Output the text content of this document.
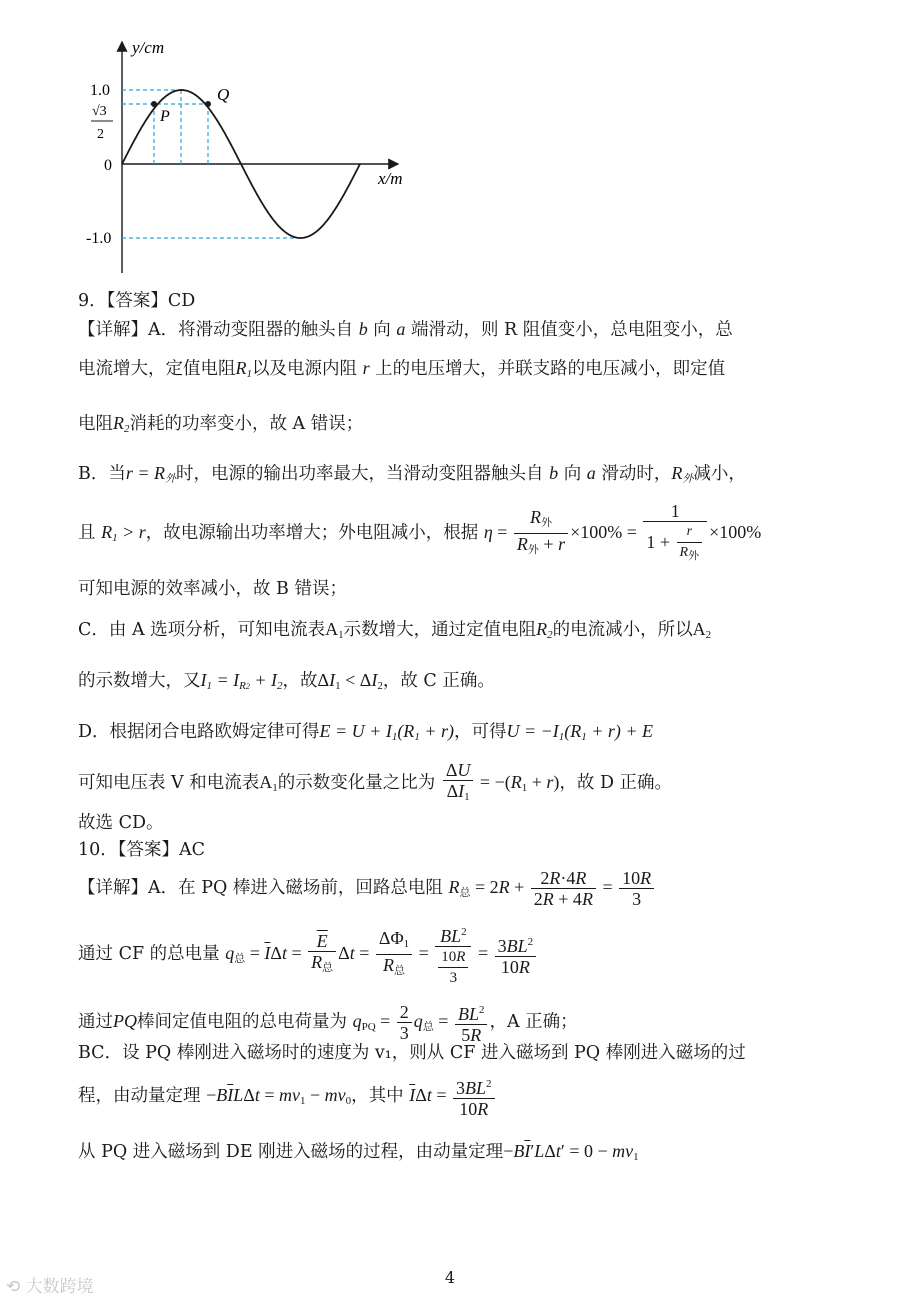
y/cm
x/m
1.0
√3
2
0
-1.0
P
Q
9．【答案】CD
【详解】A．将滑动变阻器的触头自 b 向 a 端滑动，则 R 阻值变小，总电阻变小，总
电流增大，定值电阻$R_1$以及电源内阻 r 上的电压增大，并联支路的电压减小，即定值
电阻$R_2$消耗的功率变小，故 A 错误；
B．当$r = R_外$时，电源的输出功率最大，当滑动变阻器触头自 b 向 a 滑动时，$R_外$减小，
且 $R_1 > r$，故电源输出功率增大；外电阻减小，根据 $\eta = \frac{R_外}{R_外 + r} \times 100\% = \frac{1}{1 + \frac{r}{R_外}} \times 100\%$
可知电源的效率减小，故 B 错误；
C．由 A 选项分析，可知电流表$A_1$示数增大，通过定值电阻$R_2$的电流减小，所以$A_2$
的示数增大，又$I_1 = I_{R2} + I_2$，故$\Delta I_1 < \Delta I_2$，故 C 正确。
D．根据闭合电路欧姆定律可得$E = U + I_1(R_1 + r)$，可得$U = -I_1(R_1 + r) + E$
可知电压表 V 和电流表$A_1$的示数变化量之比为 $\frac{\Delta U}{\Delta I_1} = -(R_1 + r)$，故 D 正确。
故选 CD。
10．【答案】AC
【详解】A．在 PQ 棒进入磁场前，回路总电阻 $R_总 = 2R + \frac{2R\cdot 4R}{2R + 4R} = \frac{10R}{3}$
通过 CF 的总电量 $q_总 = \overline{I}\Delta t = \frac{\overline{E}}{R_总}$ $\Delta t = \frac{\Delta\Phi_1}{R_总} = \frac{BL^2}{\frac{10R}{3}} = \frac{3BL^2}{10R}$
通过PQ棒间定值电阻的总电荷量为 $q_{PQ} = \frac{2}{3} q_总 = \frac{BL^2}{5R}$ ，A 正确；
BC．设 PQ 棒刚进入磁场时的速度为 v₁，则从 CF 进入磁场到 PQ 棒刚进入磁场的过
程，由动量定理 $-B\overline{I}L\Delta t = mv_1 - mv_0$，其中 $\overline{I}\Delta t = \frac{3BL^2}{10R}$
从 PQ 进入磁场到 DE 刚进入磁场的过程，由动量定理$-B\overline{I}'L\Delta t' = 0 - mv_1$
4
⟲ 大数跨境
